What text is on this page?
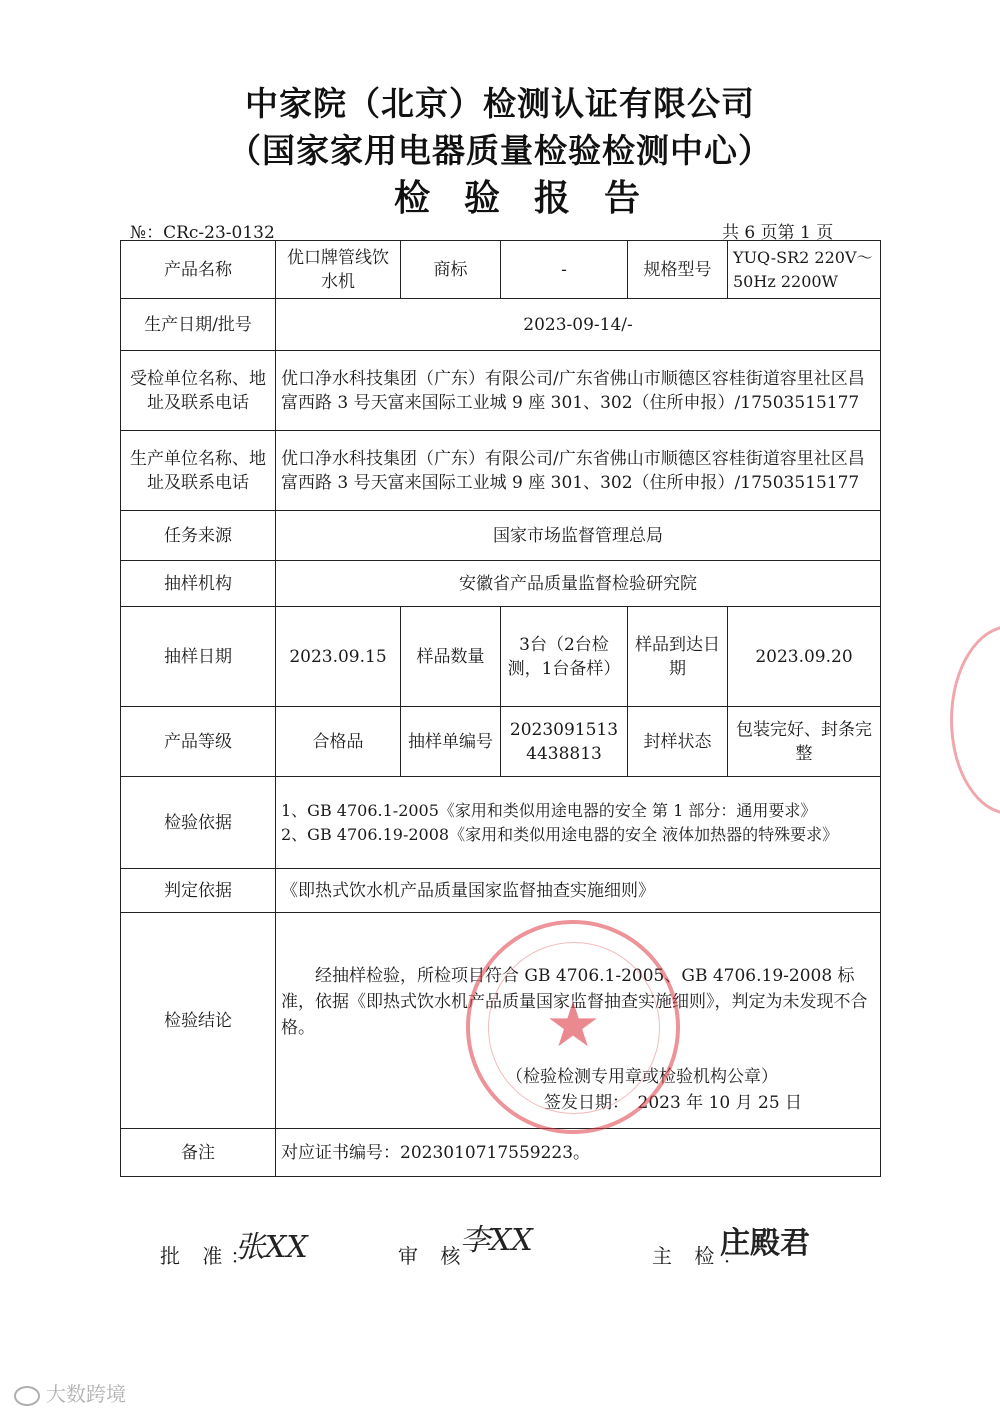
中家院（北京）检测认证有限公司
（国家家用电器质量检验检测中心）
检验报告
№：CRc-23-0132	共 6 页第 1 页
产品名称	优口牌管线饮水机	商标	-	规格型号	YUQ-SR2 220V～50Hz 2200W
生产日期/批号	2023-09-14/-				
受检单位名称、地址及联系电话	优口净水科技集团（广东）有限公司/广东省佛山市顺德区容桂街道容里社区昌富西路 3 号天富来国际工业城 9 座 301、302（住所申报）/17503515177				
生产单位名称、地址及联系电话	优口净水科技集团（广东）有限公司/广东省佛山市顺德区容桂街道容里社区昌富西路 3 号天富来国际工业城 9 座 301、302（住所申报）/17503515177				
任务来源	国家市场监督管理总局				
抽样机构	安徽省产品质量监督检验研究院				
抽样日期	2023.09.15	样品数量	3台（2台检测，1台备样）	样品到达日期	2023.09.20
产品等级	合格品	抽样单编号	20230915134438813	封样状态	包装完好、封条完整
检验依据	1、GB 4706.1-2005《家用和类似用途电器的安全 第 1 部分：通用要求》
2、GB 4706.19-2008《家用和类似用途电器的安全 液体加热器的特殊要求》				

判定依据	《即热式饮水机产品质量国家监督抽查实施细则》				
检验结论	经抽样检验，所检项目符合 GB 4706.1-2005、GB 4706.19-2008 标准，依据《即热式饮水机产品质量国家监督抽查实施细则》，判定为未发现不合格。
（检验检测专用章或检验机构公章）
签发日期：　2023 年 10 月 25 日				

备注	对应证书编号：2023010717559223。				
★
批 准：
张XX	审 核
李XX	主 检：
庄殿君
大数跨境
